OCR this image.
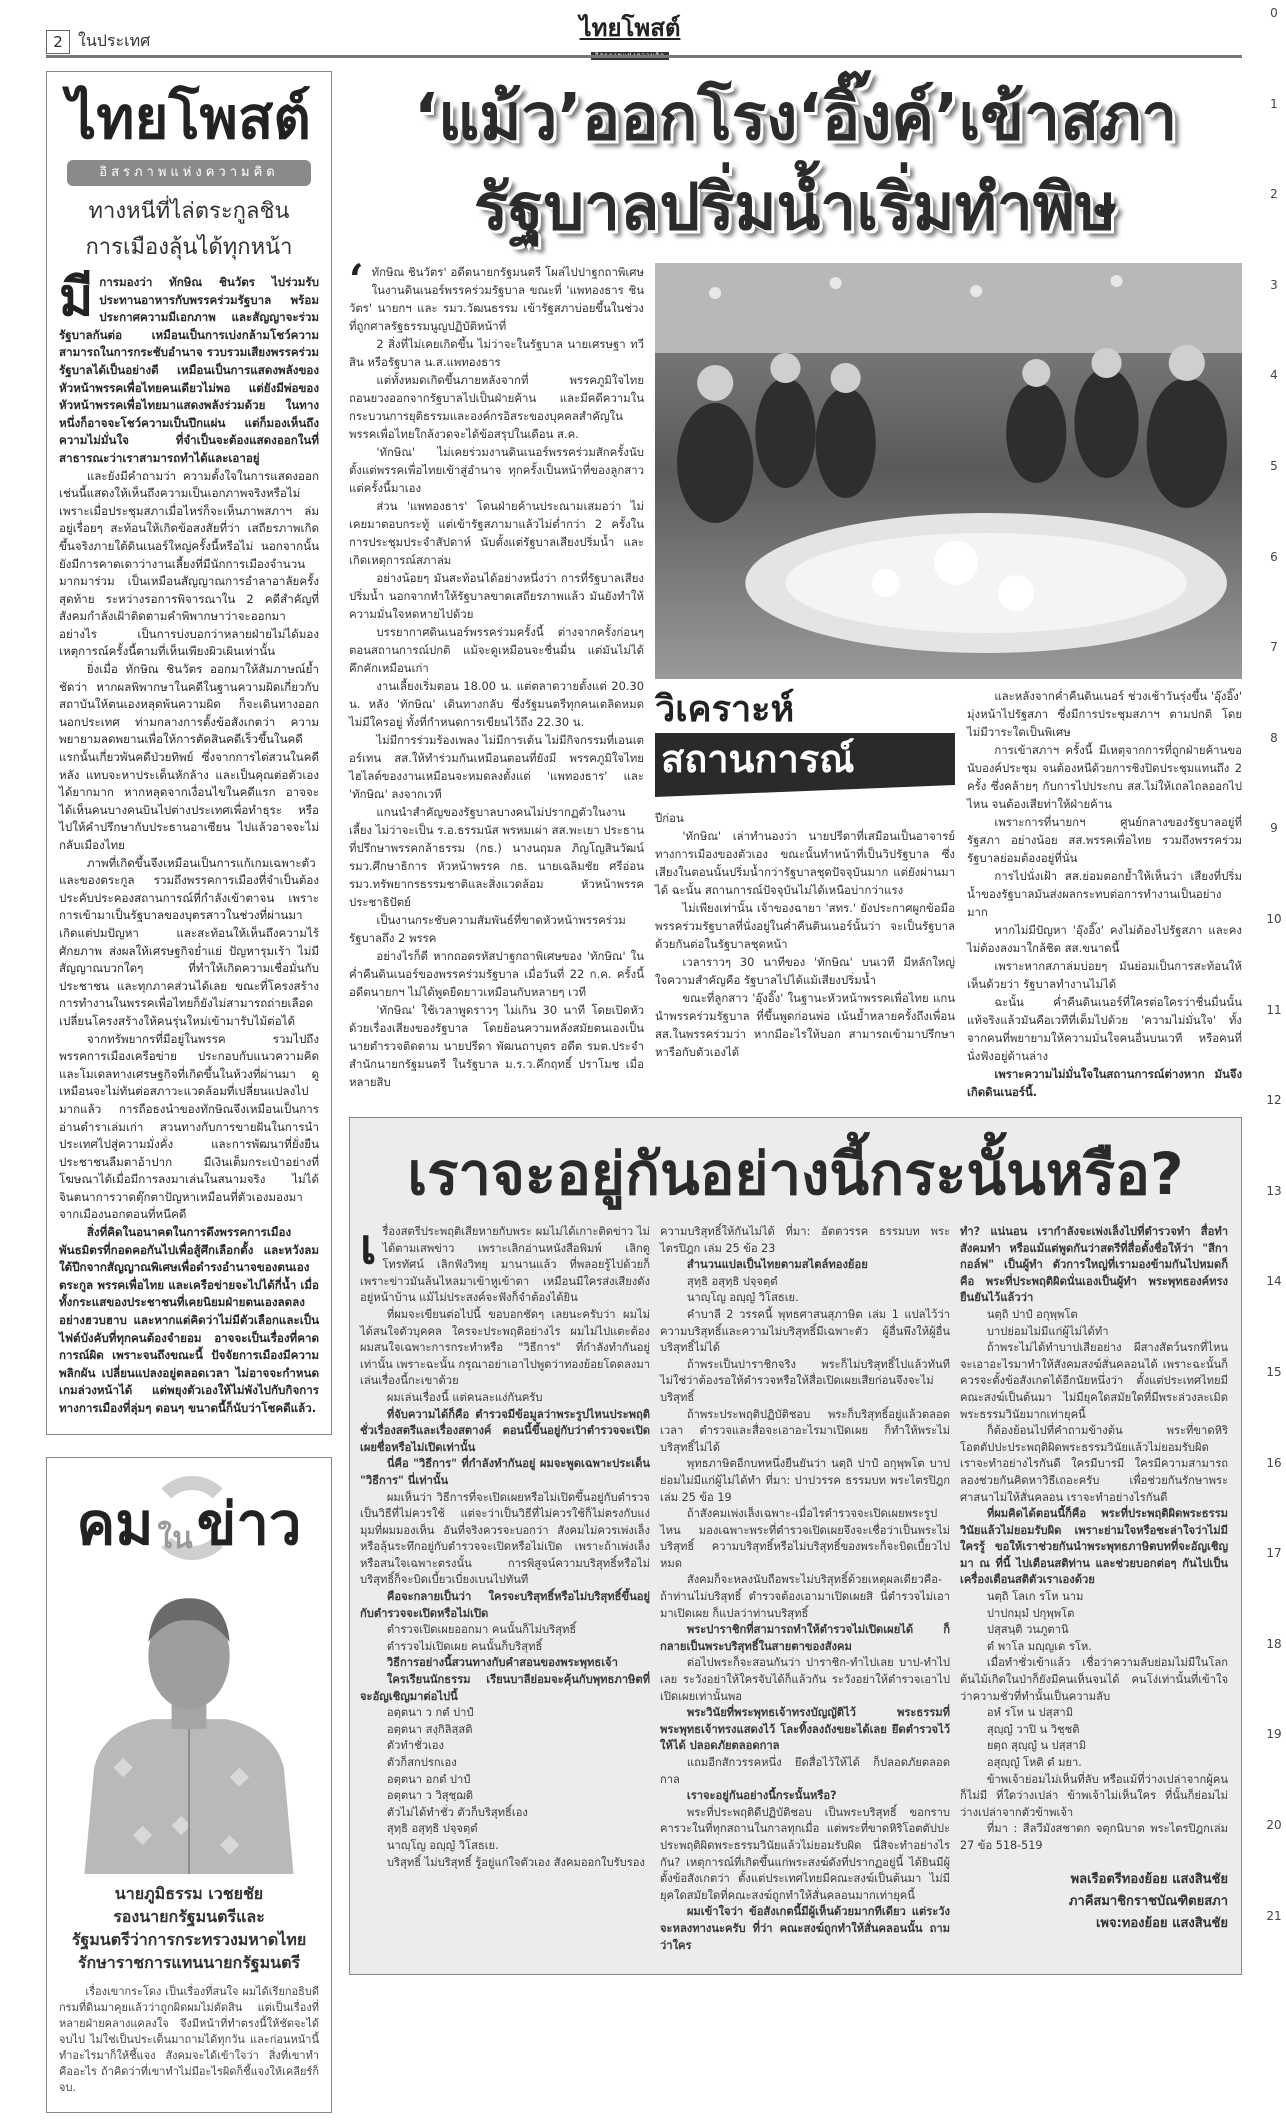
2 ในประเทศ	ไทยโพสต์
0
1
2
3
4
5
6
7
8
9
10
11
12
13
14
15
16
17
18
19
20
21
ไทยโพสต์
อิสรภาพแห่งความคิด
ทางหนีที่ไล่ตระกูลชิน
การเมืองลุ้นได้ทุกหน้า
มี การมองว่า ทักษิณ ชินวัตร ไปร่วมรับประทานอาหารกับพรรคร่วมรัฐบาล พร้อมประกาศความมีเอกภาพ และสัญญาจะร่วมรัฐบาลกันต่อ เหมือนเป็นการเบ่งกล้ามโชว์ความสามารถในการกระชับอำนาจ รวบรวมเสียงพรรคร่วมรัฐบาลได้เป็นอย่างดี เหมือนเป็นการแสดงพลังของหัวหน้าพรรคเพื่อไทยคนเดียวไม่พอ แต่ยังมีพ่อของหัวหน้าพรรคเพื่อไทยมาแสดงพลังร่วมด้วย ในทางหนึ่งก็อาจจะโชว์ความเป็นปึกแผ่น แต่ก็มองเห็นถึงความไม่มั่นใจ ที่จำเป็นจะต้องแสดงออกในที่สาธารณะว่าเราสามารถทำได้และเอาอยู่

และยังมีคำถามว่า ความตั้งใจในการแสดงออกเช่นนี้แสดงให้เห็นถึงความเป็นเอกภาพจริงหรือไม่ เพราะเมื่อประชุมสภาเมื่อไหร่ก็จะเห็นภาพสภาฯ ล่มอยู่เรื่อยๆ สะท้อนให้เกิดข้อสงสัยที่ว่า เสถียรภาพเกิดขึ้นจริงภายใต้ดินเนอร์ใหญ่ครั้งนี้หรือไม่ นอกจากนั้นยังมีการคาดเดาว่างานเลี้ยงที่มีนักการเมืองจำนวนมากมาร่วม เป็นเหมือนสัญญาณการอำลาอาลัยครั้งสุดท้าย ระหว่างรอการพิจารณาใน 2 คดีสำคัญที่สังคมกำลังเฝ้าติดตามคำพิพากษาว่าจะออกมาอย่างไร เป็นการบ่งบอกว่าหลายฝ่ายไม่ได้มองเหตุการณ์ครั้งนี้ตามที่เห็นเพียงผิวเผินเท่านั้น

ยิ่งเมื่อ ทักษิณ ชินวัตร ออกมาให้สัมภาษณ์ย้ำชัดว่า หากผลพิพากษาในคดีในฐานความผิดเกี่ยวกับสถาบันให้ตนเองหลุดพ้นความผิด ก็จะเดินทางออกนอกประเทศ ท่ามกลางการตั้งข้อสังเกตว่า ความพยายามลดพยานเพื่อให้การตัดสินคดีเร็วขึ้นในคดีแรกนั้นเกี่ยวพันคดีป่วยทิพย์ ซึ่งจากการไต่สวนในคดีหลัง แทบจะหาประเด็นหักล้าง และเป็นคุณต่อตัวเองได้ยากมาก หากหลุดจากเงื่อนไขในคดีแรก อาจจะได้เห็นคนบางคนบินไปต่างประเทศเพื่อทำธุระ หรือไปให้คำปรึกษากับประธานอาเซียน ไปแล้วอาจจะไม่กลับเมืองไทย

ภาพที่เกิดขึ้นจึงเหมือนเป็นการแก้เกมเฉพาะตัวและของตระกูล รวมถึงพรรคการเมืองที่จำเป็นต้องประคับประคองสถานการณ์ที่กำลังเข้าตาจน เพราะการเข้ามาเป็นรัฐบาลของบุตรสาวในช่วงที่ผ่านมาเกิดแต่ปมปัญหา และสะท้อนให้เห็นถึงความไร้ศักยภาพ ส่งผลให้เศรษฐกิจย่ำแย่ ปัญหารุมเร้า ไม่มีสัญญาณบวกใดๆ ที่ทำให้เกิดความเชื่อมั่นกับประชาชน และทุกภาคส่วนได้เลย ขณะที่โครงสร้างการทำงานในพรรคเพื่อไทยก็ยังไม่สามารถถ่ายเลือด เปลี่ยนโครงสร้างให้คนรุ่นใหม่เข้ามารับไม้ต่อได้

จากทรัพยากรที่มีอยู่ในพรรค รวมไปถึงพรรคการเมืองเครือข่าย ประกอบกับแนวความคิด และโมเดลทางเศรษฐกิจที่เกิดขึ้นในห้วงที่ผ่านมา ดูเหมือนจะไม่ทันต่อสภาวะแวดล้อมที่เปลี่ยนแปลงไปมากแล้ว การถือธงนำของทักษิณจึงเหมือนเป็นการอ่านตำราเล่มเก่า สวนทางกับการขายฝันในการนำประเทศไปสู่ความมั่งคั่ง และการพัฒนาที่ยั่งยืน ประชาชนลืมตาอ้าปาก มีเงินเต็มกระเป๋าอย่างที่โฆษณาได้เมื่อมีการลงมาเล่นในสนามจริง ไม่ได้จินตนาการวาดตุ๊กตาปัญหาเหมือนที่ตัวเองมองมาจากเมืองนอกตอนที่หนีคดี

สิ่งที่คิดในอนาคตในการดึงพรรคการเมืองพันธมิตรที่กอดคอกันไปเพื่อสู้ศึกเลือกตั้ง และหวังลมใต้ปีกจากสัญญาณพิเศษเพื่อดำรงอำนาจของตนเอง ตระกูล พรรคเพื่อไทย และเครือข่ายจะไปได้กี่น้ำ เมื่อทั้งกระแสของประชาชนที่เคยนิยมฝ่ายตนเองลดลงอย่างฮวบฮาบ และหากแต่คิดว่าไม่มีตัวเลือกและเป็นไฟต์บังคับที่ทุกคนต้องจำยอม อาจจะเป็นเรื่องที่คาดการณ์ผิด เพราะจนถึงขณะนี้ ปัจจัยการเมืองมีความพลิกผัน เปลี่ยนแปลงอยู่ตลอดเวลา ไม่อาจจะกำหนดเกมล่วงหน้าได้ แต่พยุงตัวเองให้ไม่พังไปกับกิจการทางการเมืองที่ลุ่มๆ ดอนๆ ขนาดนี้ก็นับว่าโชคดีแล้ว.

คม ใน ข่าว
นายภูมิธรรม เวชยชัย
รองนายกรัฐมนตรีและ
รัฐมนตรีว่าการกระทรวงมหาดไทย
รักษาราชการแทนนายกรัฐมนตรี

เรื่องเขากระโดง เป็นเรื่องที่สนใจ ผมได้เรียกอธิบดีกรมที่ดินมาคุยแล้วว่าถูกผิดผมไม่ตัดสิน แต่เป็นเรื่องที่หลายฝ่ายคลางแคลงใจ จึงมีหน้าที่ทำตรงนี้ให้ชัดจะได้จบไป ไม่ใช่เป็นประเด็นมาถามได้ทุกวัน และก่อนหน้านี้ทำอะไรมาก็ให้ชี้แจง สังคมจะได้เข้าใจว่า สิ่งที่เขาทำคืออะไร ถ้าคิดว่าที่เขาทำไม่มีอะไรผิดก็ชี้แจงให้เคลียร์ก็จบ.

‘แม้ว’ออกโรง‘อิ๊งค์’เข้าสภา
รัฐบาลปริ่มน้ำเริ่มทำพิษ
‘ ทักษิณ ชินวัตร' อดีตนายกรัฐมนตรี โผล่ไปปาฐกถาพิเศษ ในงานดินเนอร์พรรคร่วมรัฐบาล ขณะที่ 'แพทองธาร ชินวัตร' นายกฯ และ รมว.วัฒนธรรม เข้ารัฐสภาบ่อยขึ้นในช่วงที่ถูกศาลรัฐธรรมนูญปฏิบัติหน้าที่

2 สิ่งที่ไม่เคยเกิดขึ้น ไม่ว่าจะในรัฐบาล นายเศรษฐา ทวีสิน หรือรัฐบาล น.ส.แพทองธาร

แต่ทั้งหมดเกิดขึ้นภายหลังจากที่ พรรคภูมิใจไทย ถอนยวงออกจากรัฐบาลไปเป็นฝ่ายค้าน และมีคดีความในกระบวนการยุติธรรมและองค์กรอิสระของบุคคลสำคัญในพรรคเพื่อไทยใกล้งวดจะได้ข้อสรุปในเดือน ส.ค.

'ทักษิณ' ไม่เคยร่วมงานดินเนอร์พรรคร่วมสักครั้งนับตั้งแต่พรรคเพื่อไทยเข้าสู่อำนาจ ทุกครั้งเป็นหน้าที่ของลูกสาว แต่ครั้งนี้มาเอง

ส่วน 'แพทองธาร' โดนฝ่ายค้านประณามเสมอว่า ไม่เคยมาตอบกระทู้ แต่เข้ารัฐสภามาแล้วไม่ต่ำกว่า 2 ครั้งในการประชุมประจำสัปดาห์ นับตั้งแต่รัฐบาลเสียงปริ่มน้ำ และเกิดเหตุการณ์สภาล่ม

อย่างน้อยๆ มันสะท้อนได้อย่างหนึ่งว่า การที่รัฐบาลเสียงปริ่มน้ำ นอกจากทำให้รัฐบาลขาดเสถียรภาพแล้ว มันยังทำให้ความมั่นใจหดหายไปด้วย

บรรยากาศดินเนอร์พรรคร่วมครั้งนี้ ต่างจากครั้งก่อนๆ ตอนสถานการณ์ปกติ แม้จะดูเหมือนจะชื่นมื่น แต่มันไม่ได้คึกคักเหมือนเก่า

งานเลี้ยงเริ่มตอน 18.00 น. แต่ตลาดวายตั้งแต่ 20.30 น. หลัง 'ทักษิณ' เดินทางกลับ ซึ่งรัฐมนตรีทุกคนเตลิดหมดไม่มีใครอยู่ ทั้งที่กำหนดการเขียนไว้ถึง 22.30 น.

ไม่มีการร่วมร้องเพลง ไม่มีการเต้น ไม่มีกิจกรรมที่เอนเตอร์เทน สส.ให้ทำร่วมกันเหมือนตอนที่ยังมี พรรคภูมิใจไทย ไฮไลต์ของงานเหมือนจะหมดลงตั้งแต่ 'แพทองธาร' และ 'ทักษิณ' ลงจากเวที

แกนนำสำคัญของรัฐบาลบางคนไม่ปรากฏตัวในงานเลี้ยง ไม่ว่าจะเป็น ร.อ.ธรรมนัส พรหมเผ่า สส.พะเยา ประธานที่ปรึกษาพรรคกล้าธรรม (กธ.) นางนฤมล ภิญโญสินวัฒน์ รมว.ศึกษาธิการ หัวหน้าพรรค กธ. นายเฉลิมชัย ศรีอ่อน รมว.ทรัพยากรธรรมชาติและสิ่งแวดล้อม หัวหน้าพรรคประชาธิปัตย์

เป็นงานกระชับความสัมพันธ์ที่ขาดหัวหน้าพรรคร่วมรัฐบาลถึง 2 พรรค

อย่างไรก็ดี หากถอดรหัสปาฐกถาพิเศษของ 'ทักษิณ' ในค่ำคืนดินเนอร์ของพรรคร่วมรัฐบาล เมื่อวันที่ 22 ก.ค. ครั้งนี้ อดีตนายกฯ ไม่ได้พูดยืดยาวเหมือนกับหลายๆ เวที

'ทักษิณ' ใช้เวลาพูดราวๆ ไม่เกิน 30 นาที โดยเปิดหัวด้วยเรื่องเสียงของรัฐบาล โดยย้อนความหลังสมัยตนเองเป็นนายตำรวจติดตาม นายปรีดา พัฒนถาบุตร อดีต รมต.ประจำสำนักนายกรัฐมนตรี ในรัฐบาล ม.ร.ว.คึกฤทธิ์ ปราโมช เมื่อหลายสิบ

วิเคราะห์
สถานการณ์

ปีก่อน

'ทักษิณ' เล่าทำนองว่า นายปรีดาที่เสมือนเป็นอาจารย์ทางการเมืองของตัวเอง ขณะนั้นทำหน้าที่เป็นวิปรัฐบาล ซึ่งเสียงในตอนนั้นปริ่มน้ำกว่ารัฐบาลชุดปัจจุบันมาก แต่ยังผ่านมาได้ ฉะนั้น สถานการณ์ปัจจุบันไม่ได้เหนือบ่ากว่าแรง

ไม่เพียงเท่านั้น เจ้าของฉายา 'สทร.' ยังประกาศผูกข้อมือพรรคร่วมรัฐบาลที่นั่งอยู่ในค่ำคืนดินเนอร์นั้นว่า จะเป็นรัฐบาลด้วยกันต่อในรัฐบาลชุดหน้า

เวลาราวๆ 30 นาทีของ 'ทักษิณ' บนเวที มีหลักใหญ่ใจความสำคัญคือ รัฐบาลไปได้แม้เสียงปริ่มน้ำ

ขณะที่ลูกสาว 'อุ๊งอิ๊ง' ในฐานะหัวหน้าพรรคเพื่อไทย แกนนำพรรคร่วมรัฐบาล ที่ขึ้นพูดก่อนพ่อ เน้นย้ำหลายครั้งถึงเพื่อน สส.ในพรรคร่วมว่า หากมีอะไรให้บอก สามารถเข้ามาปรึกษาหารือกับตัวเองได้

และหลังจากค่ำคืนดินเนอร์ ช่วงเช้าวันรุ่งขึ้น 'อุ๊งอิ๊ง' มุ่งหน้าไปรัฐสภา ซึ่งมีการประชุมสภาฯ ตามปกติ โดยไม่มีวาระใดเป็นพิเศษ

การเข้าสภาฯ ครั้งนี้ มีเหตุจากการที่ถูกฝ่ายค้านขอนับองค์ประชุม จนต้องหนีด้วยการชิงปิดประชุมแทนถึง 2 ครั้ง ซึ่งคล้ายๆ กับการไปประกบ สส.ไม่ให้เถลไถลออกไปไหน จนต้องเสียท่าให้ฝ่ายค้าน

เพราะการที่นายกฯ ศูนย์กลางของรัฐบาลอยู่ที่รัฐสภา อย่างน้อย สส.พรรคเพื่อไทย รวมถึงพรรคร่วมรัฐบาลย่อมต้องอยู่ที่นั่น

การไปนั่งเฝ้า สส.ย่อมตอกย้ำให้เห็นว่า เสียงที่ปริ่มน้ำของรัฐบาลมันส่งผลกระทบต่อการทำงานเป็นอย่างมาก

หากไม่มีปัญหา 'อุ๊งอิ๊ง' คงไม่ต้องไปรัฐสภา และคงไม่ต้องลงมาใกล้ชิด สส.ขนาดนี้

เพราะหากสภาล่มบ่อยๆ มันย่อมเป็นการสะท้อนให้เห็นด้วยว่า รัฐบาลทำงานไม่ได้

ฉะนั้น ค่ำคืนดินเนอร์ที่ใครต่อใครว่าชื่นมื่นนั้น แท้จริงแล้วมันคือเวทีที่เต็มไปด้วย 'ความไม่มั่นใจ' ทั้งจากคนที่พยายามให้ความมั่นใจคนอื่นบนเวที หรือคนที่นั่งฟังอยู่ด้านล่าง

เพราะความไม่มั่นใจในสถานการณ์ต่างหาก มันจึงเกิดดินเนอร์นี้.

เราจะอยู่กันอย่างนี้กระนั้นหรือ?
เ รื่องสตรีประพฤติเสียหายกับพระ ผมไม่ได้เกาะติดข่าว ไม่ได้ตามเสพข่าว เพราะเลิกอ่านหนังสือพิมพ์ เลิกดูโทรทัศน์ เลิกฟังวิทยุ มานานแล้ว ที่พลอยรู้ไปด้วยก็เพราะข่าวมันล้นไหลมาเข้าหูเข้าตา เหมือนมีใครส่งเสียงดังอยู่หน้าบ้าน แม้ไม่ประสงค์จะฟังก็จำต้องได้ยิน

ที่ผมจะเขียนต่อไปนี้ ขอบอกชัดๆ เลยนะครับว่า ผมไม่ได้สนใจตัวบุคคล ใครจะประพฤติอย่างไร ผมไม่ไปแตะต้อง ผมสนใจเฉพาะการกระทำหรือ "วิธีการ" ที่กำลังทำกันอยู่เท่านั้น เพราะฉะนั้น กรุณาอย่าเอาไปพูดว่าทองย้อยโดดลงมาเล่นเรื่องนี้กะเขาด้วย

ผมเล่นเรื่องนี้ แต่คนละแง่กันครับ

ที่จับความได้ก็คือ ตำรวจมีข้อมูลว่าพระรูปไหนประพฤติชั่วเรื่องสตรีและเรื่องสตางค์ ตอนนี้ขึ้นอยู่กับว่าตำรวจจะเปิดเผยชื่อหรือไม่เปิดเท่านั้น

นี่คือ "วิธีการ" ที่กำลังทำกันอยู่ ผมจะพูดเฉพาะประเด็น "วิธีการ" นี่เท่านั้น

ผมเห็นว่า วิธีการที่จะเปิดเผยหรือไม่เปิดขึ้นอยู่กับตำรวจเป็นวิธีที่ไม่ควรใช้ แต่จะว่าเป็นวิธีที่ไม่ควรใช้ก็ไม่ตรงกับแง่มุมที่ผมมองเห็น อันที่จริงควรจะบอกว่า สังคมไม่ควรเพ่งเล็งหรือลุ้นระทึกอยู่กับตำรวจจะเปิดหรือไม่เปิด เพราะถ้าเพ่งเล็งหรือสนใจเฉพาะตรงนั้น การพิสูจน์ความบริสุทธิ์หรือไม่บริสุทธิ์ก็จะบิดเบี้ยวเบี่ยงเบนไปทันที

คือจะกลายเป็นว่า ใครจะบริสุทธิ์หรือไม่บริสุทธิ์ขึ้นอยู่กับตำรวจจะเปิดหรือไม่เปิด

ตำรวจเปิดเผยออกมา คนนั้นก็ไม่บริสุทธิ์

ตำรวจไม่เปิดเผย คนนั้นก็บริสุทธิ์

วิธีการอย่างนี้สวนทางกับคำสอนของพระพุทธเจ้า

ใครเรียนนักธรรม เรียนบาลีย่อมจะคุ้นกับพุทธภาษิตที่จะอัญเชิญมาต่อไปนี้

อตฺตนา ว กตํ ปาปํ

อตฺตนา สงฺกิลิสฺสติ

ตัวทำชั่วเอง

ตัวก็สกปรกเอง

อตฺตนา อกตํ ปาปํ

อตฺตนา ว วิสุชฺฌติ

ตัวไม่ได้ทำชั่ว ตัวก็บริสุทธิ์เอง

สุทฺธิ อสุทฺธิ ปจฺจตฺตํ

นาญฺโญ อญฺญํ วิโสธเย.

บริสุทธิ์ ไม่บริสุทธิ์ รู้อยู่แก่ใจตัวเอง สังคมออกใบรับรอง

ความบริสุทธิ์ให้กันไม่ได้ ที่มา: อัตตวรรค ธรรมบท พระไตรปิฎก เล่ม 25 ข้อ 23

สำนวนแปลเป็นไทยตามสไตล์ทองย้อย

สุทฺธิ อสุทฺธิ ปจฺจตฺตํ

นาญฺโญ อญฺญํ วิโสธเย.

คำบาลี 2 วรรคนี้ พุทธศาสนสุภาษิต เล่ม 1 แปลไว้ว่า ความบริสุทธิ์และความไม่บริสุทธิ์มีเฉพาะตัว ผู้อื่นพึงให้ผู้อื่นบริสุทธิ์ไม่ได้

ถ้าพระเป็นปาราชิกจริง พระก็ไม่บริสุทธิ์ไปแล้วทันที ไม่ใช่ว่าต้องรอให้ตำรวจหรือให้สื่อเปิดเผยเสียก่อนจึงจะไม่บริสุทธิ์

ถ้าพระประพฤติปฏิบัติชอบ พระก็บริสุทธิ์อยู่แล้วตลอดเวลา ตำรวจและสื่อจะเอาอะไรมาเปิดเผย ก็ทำให้พระไม่บริสุทธิ์ไม่ได้

พุทธภาษิตอีกบทหนึ่งยืนยันว่า นตฺถิ ปาปํ อกุพฺพโต บาปย่อมไม่มีแก่ผู้ไม่ได้ทำ ที่มา: ปาปวรรค ธรรมบท พระไตรปิฎกเล่ม 25 ข้อ 19

ถ้าสังคมเพ่งเล็งเฉพาะ-เมื่อไรตำรวจจะเปิดเผยพระรูปไหน มองเฉพาะพระที่ตำรวจเปิดเผยจึงจะเชื่อว่าเป็นพระไม่บริสุทธิ์ ความบริสุทธิ์หรือไม่บริสุทธิ์ของพระก็จะบิดเบี้ยวไปหมด

สังคมก็จะหลงนับถือพระไม่บริสุทธิ์ด้วยเหตุผลเดียวคือ-ถ้าท่านไม่บริสุทธิ์ ตำรวจต้องเอามาเปิดเผยสิ นี่ตำรวจไม่เอามาเปิดเผย ก็แปลว่าท่านบริสุทธิ์

พระปาราชิกที่สามารถทำให้ตำรวจไม่เปิดเผยได้ ก็กลายเป็นพระบริสุทธิ์ในสายตาของสังคม

ต่อไปพระก็จะสอนกันว่า ปาราชิก-ทำไปเลย บาป-ทำไปเลย ระวังอย่าให้ใครจับได้ก็แล้วกัน ระวังอย่าให้ตำรวจเอาไปเปิดเผยเท่านั้นพอ

พระวินัยที่พระพุทธเจ้าทรงบัญญัติไว้ พระธรรมที่พระพุทธเจ้าทรงแสดงไว้ โละทิ้งลงถังขยะได้เลย ยึดตำรวจไว้ให้ได้ ปลอดภัยตลอดกาล

แถมอีกสักวรรคหนึ่ง ยึดสื่อไว้ให้ได้ ก็ปลอดภัยตลอดกาล

เราจะอยู่กันอย่างนี้กระนั้นหรือ?

พระที่ประพฤติดีปฏิบัติชอบ เป็นพระบริสุทธิ์ ขอกราบคารวะในที่ทุกสถานในกาลทุกเมื่อ แต่พระที่ขาดหิริโอตตัปปะประพฤติผิดพระธรรมวินัยแล้วไม่ยอมรับผิด นี่สิจะทำอย่างไรกัน? เหตุการณ์ที่เกิดขึ้นแก่พระสงฆ์ดังที่ปรากฏอยู่นี้ ได้ยินมีผู้ตั้งข้อสังเกตว่า ตั้งแต่ประเทศไทยมีคณะสงฆ์เป็นต้นมา ไม่มียุคใดสมัยใดที่คณะสงฆ์ถูกทำให้สั่นคลอนมากเท่ายุคนี้

ผมเข้าใจว่า ข้อสังเกตนี้มีผู้เห็นด้วยมากทีเดียว แต่ระวังจะหลงทางนะครับ ที่ว่า คณะสงฆ์ถูกทำให้สั่นคลอนนั้น ถามว่าใคร

ทำ? แน่นอน เรากำลังจะเพ่งเล็งไปที่ตำรวจทำ สื่อทำ สังคมทำ หรือแม้แต่พูดกันว่าสตรีที่สื่อตั้งชื่อให้ว่า "สีกากอล์ฟ" เป็นผู้ทำ ตัวการใหญ่ที่เรามองข้ามกันไปหมดก็คือ พระที่ประพฤติผิดนั่นเองเป็นผู้ทำ พระพุทธองค์ทรงยืนยันไว้แล้วว่า

นตฺถิ ปาปํ อกุพฺพโต

บาปย่อมไม่มีแก่ผู้ไม่ได้ทำ

ถ้าพระไม่ได้ทำบาปเสียอย่าง ผีสางสัตว์นรกที่ไหนจะเอาอะไรมาทำให้สังคมสงฆ์สั่นคลอนได้ เพราะฉะนั้นก็ควรจะตั้งข้อสังเกตได้อีกนัยหนึ่งว่า ตั้งแต่ประเทศไทยมีคณะสงฆ์เป็นต้นมา ไม่มียุคใดสมัยใดที่มีพระล่วงละเมิดพระธรรมวินัยมากเท่ายุคนี้

ก็ต้องย้อนไปที่คำถามข้างต้น พระที่ขาดหิริโอตตัปปะประพฤติผิดพระธรรมวินัยแล้วไม่ยอมรับผิด เราจะทำอย่างไรกันดี ใครมีบารมี ใครมีความสามารถ ลองช่วยกันคิดหาวิธีเถอะครับ เพื่อช่วยกันรักษาพระศาสนาไม่ให้สั่นคลอน เราจะทำอย่างไรกันดี

ที่ผมคิดได้ตอนนี้ก็คือ พระที่ประพฤติผิดพระธรรมวินัยแล้วไม่ยอมรับผิด เพราะย่ามใจหรือชะล่าใจว่าไม่มีใครรู้ ขอให้เราช่วยกันนำพระพุทธภาษิตบทที่จะอัญเชิญมา ณ ที่นี้ ไปเตือนสติท่าน และช่วยบอกต่อๆ กันไปเป็นเครื่องเตือนสติตัวเราเองด้วย

นตฺถิ โลเก รโห นาม

ปาปกมฺมํ ปกุพฺพโต

ปสฺสนฺติ วนภูตานิ

ตํ พาโล มญฺญเต รโห.

เมื่อทำชั่วเข้าแล้ว เชื่อว่าความลับย่อมไม่มีในโลก ต้นไม้เกิดในป่าก็ยังมีคนเห็นจนได้ คนโง่เท่านั้นที่เข้าใจว่าความชั่วที่ทำนั้นเป็นความลับ

อหํ รโห น ปสฺสามิ

สุญฺญํ วาปิ น วิชฺชติ

ยตฺถ สุญฺญํ น ปสฺสามิ

อสุญฺญํ โหติ ตํ มยา.

ข้าพเจ้าย่อมไม่เห็นที่ลับ หรือแม้ที่ว่างเปล่าจากผู้คน ก็ไม่มี ที่ใดว่างเปล่า ข้าพเจ้าไม่เห็นใคร ที่นั้นก็ย่อมไม่ว่างเปล่าจากตัวข้าพเจ้า

ที่มา : สีลวีมังสชาดก จตุกนิบาต พระไตรปิฎกเล่ม 27 ข้อ 518-519

พลเรือตรีทองย้อย แสงสินชัย
ภาคีสมาชิกราชบัณฑิตยสภา
เพจ:ทองย้อย แสงสินชัย
